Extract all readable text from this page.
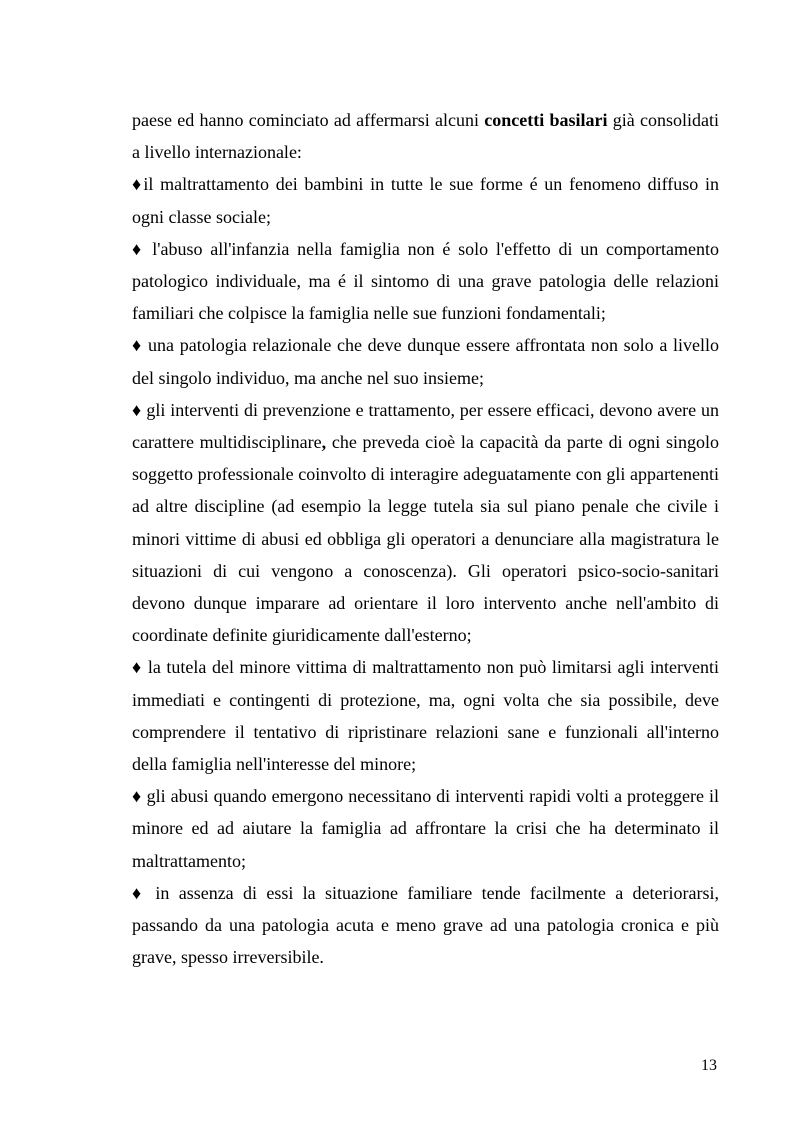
paese ed hanno cominciato ad affermarsi alcuni concetti basilari già consolidati a livello internazionale:

♦il maltrattamento dei bambini in tutte le sue forme é un fenomeno diffuso in ogni classe sociale;

♦ l'abuso all'infanzia nella famiglia non é solo l'effetto di un comportamento patologico individuale, ma é il sintomo di una grave patologia delle relazioni familiari che colpisce la famiglia nelle sue funzioni fondamentali;

♦ una patologia relazionale che deve dunque essere affrontata non solo a livello del singolo individuo, ma anche nel suo insieme;

♦ gli interventi di prevenzione e trattamento, per essere efficaci, devono avere un carattere multidisciplinare, che preveda cioè la capacità da parte di ogni singolo soggetto professionale coinvolto di interagire adeguatamente con gli appartenenti ad altre discipline (ad esempio la legge tutela sia sul piano penale che civile i minori vittime di abusi ed obbliga gli operatori a denunciare alla magistratura le situazioni di cui vengono a conoscenza). Gli operatori psico-socio-sanitari devono dunque imparare ad orientare il loro intervento anche nell'ambito di coordinate definite giuridicamente dall'esterno;

♦ la tutela del minore vittima di maltrattamento non può limitarsi agli interventi immediati e contingenti di protezione, ma, ogni volta che sia possibile, deve comprendere il tentativo di ripristinare relazioni sane e funzionali all'interno della famiglia nell'interesse del minore;

♦ gli abusi quando emergono necessitano di interventi rapidi volti a proteggere il minore ed ad aiutare la famiglia ad affrontare la crisi che ha determinato il maltrattamento;

♦ in assenza di essi la situazione familiare tende facilmente a deteriorarsi, passando da una patologia acuta e meno grave ad una patologia cronica e più grave, spesso irreversibile.

13
